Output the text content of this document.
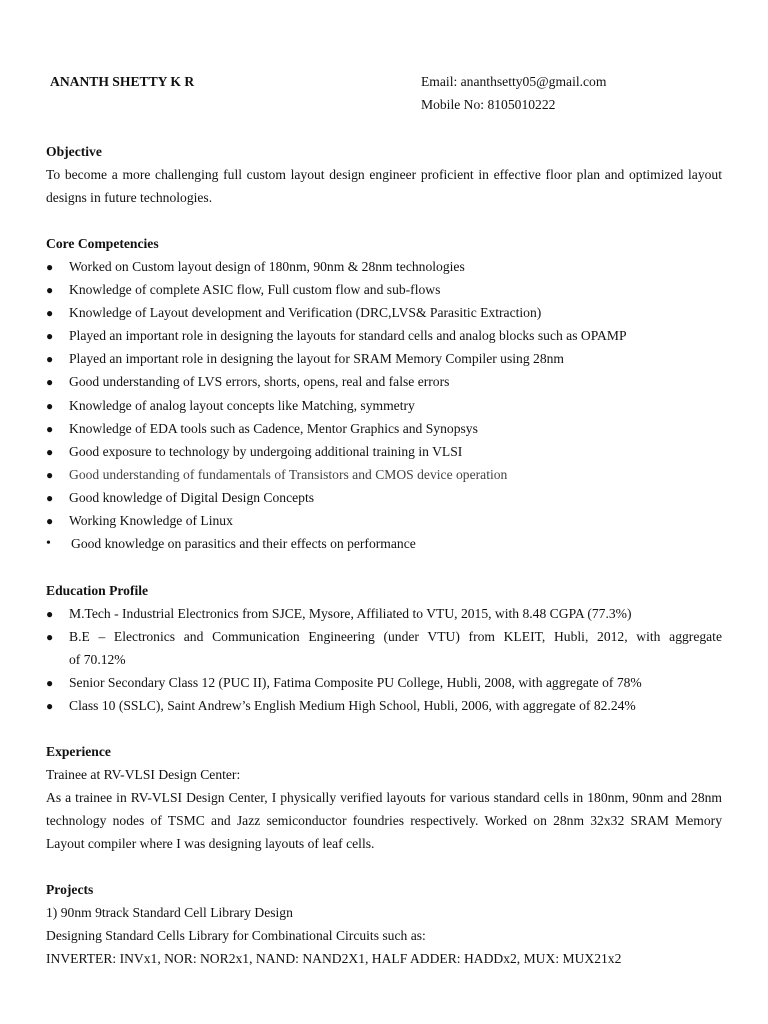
ANANTH SHETTY K R	Email: ananthsetty05@gmail.com
Mobile No: 8105010222
Objective
To become a more challenging full custom layout design engineer proficient in effective floor plan and optimized layout designs in future technologies.
Core Competencies
● Worked on Custom layout design of 180nm, 90nm & 28nm technologies
● Knowledge of complete ASIC flow, Full custom flow and sub-flows
● Knowledge of Layout development and Verification (DRC,LVS& Parasitic Extraction)
● Played an important role in designing the layouts for standard cells and analog blocks such as OPAMP
● Played an important role in designing the layout for SRAM Memory Compiler using 28nm
● Good understanding of LVS errors, shorts, opens, real and false errors
● Knowledge of analog layout concepts like Matching, symmetry
● Knowledge of EDA tools such as Cadence, Mentor Graphics and Synopsys
● Good exposure to technology by undergoing additional training in VLSI
● Good understanding of fundamentals of Transistors and CMOS device operation
● Good knowledge of Digital Design Concepts
● Working Knowledge of Linux
• Good knowledge on parasitics and their effects on performance
Education Profile
● M.Tech - Industrial Electronics from SJCE, Mysore, Affiliated to VTU, 2015, with 8.48 CGPA (77.3%)
● B.E – Electronics and Communication Engineering (under VTU) from KLEIT, Hubli, 2012, with aggregate
of 70.12%
● Senior Secondary Class 12 (PUC II), Fatima Composite PU College, Hubli, 2008, with aggregate of 78%
● Class 10 (SSLC), Saint Andrew’s English Medium High School, Hubli, 2006, with aggregate of 82.24%
Experience
Trainee at RV-VLSI Design Center:
As a trainee in RV-VLSI Design Center, I physically verified layouts for various standard cells in 180nm, 90nm and 28nm technology nodes of TSMC and Jazz semiconductor foundries respectively. Worked on 28nm 32x32 SRAM Memory Layout compiler where I was designing layouts of leaf cells.
Projects
1) 90nm 9track Standard Cell Library Design
Designing Standard Cells Library for Combinational Circuits such as:
INVERTER: INVx1, NOR: NOR2x1, NAND: NAND2X1, HALF ADDER: HADDx2, MUX: MUX21x2
